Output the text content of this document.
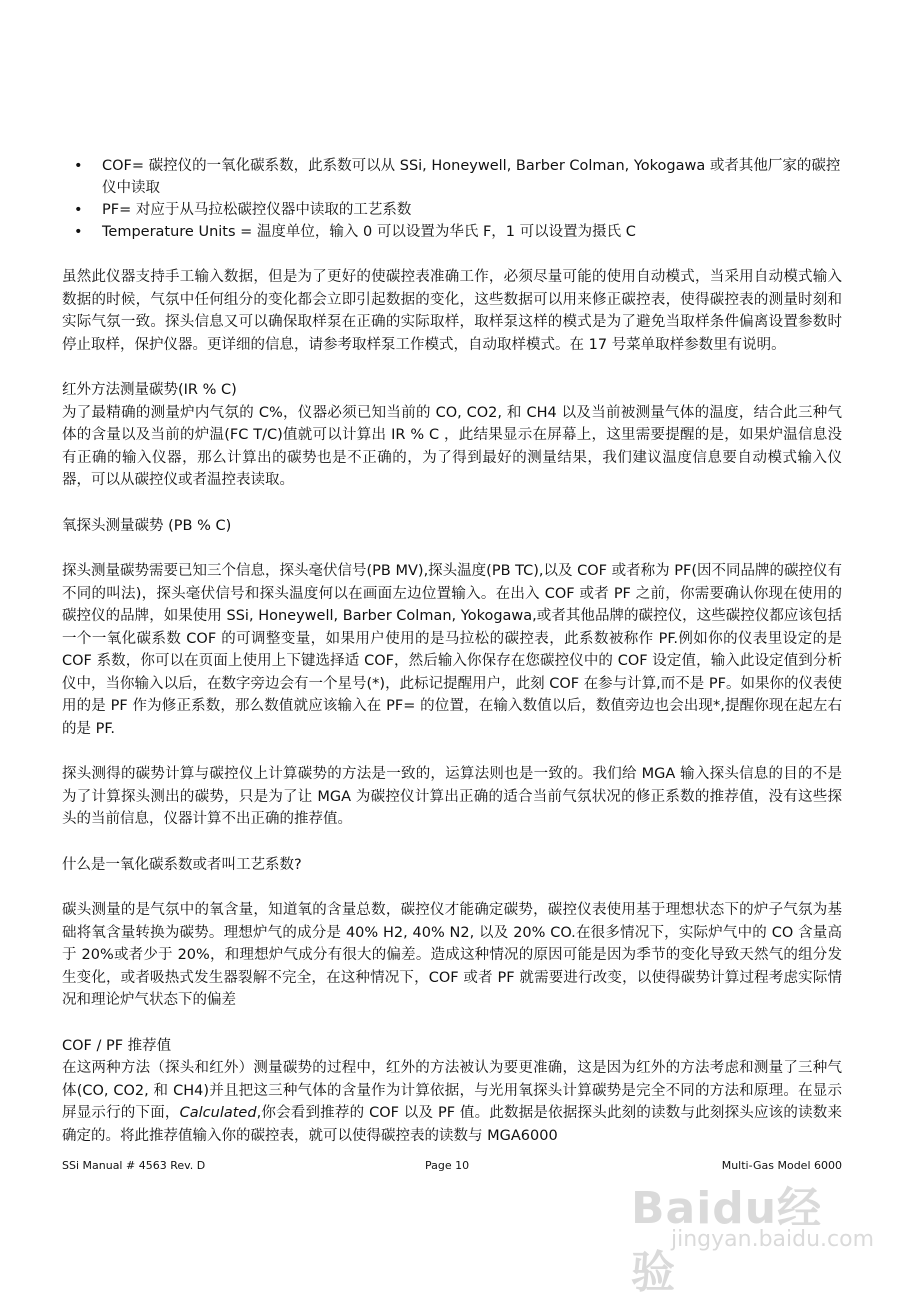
• COF= 碳控仪的一氧化碳系数，此系数可以从 SSi, Honeywell, Barber Colman, Yokogawa 或者其他厂家的碳控仪中读取
• PF= 对应于从马拉松碳控仪器中读取的工艺系数
• Temperature Units = 温度单位，输入 0 可以设置为华氏 F，1 可以设置为摄氏 C

虽然此仪器支持手工输入数据，但是为了更好的使碳控表准确工作，必须尽量可能的使用自动模式，当采用自动模式输入数据的时候，气氛中任何组分的变化都会立即引起数据的变化，这些数据可以用来修正碳控表，使得碳控表的测量时刻和实际气氛一致。探头信息又可以确保取样泵在正确的实际取样，取样泵这样的模式是为了避免当取样条件偏离设置参数时停止取样，保护仪器。更详细的信息，请参考取样泵工作模式，自动取样模式。在 17 号菜单取样参数里有说明。

红外方法测量碳势(IR % C)

为了最精确的测量炉内气氛的 C%，仪器必须已知当前的 CO, CO2, 和 CH4 以及当前被测量气体的温度，结合此三种气体的含量以及当前的炉温(FC T/C)值就可以计算出 IR % C ，此结果显示在屏幕上，这里需要提醒的是，如果炉温信息没有正确的输入仪器，那么计算出的碳势也是不正确的，为了得到最好的测量结果，我们建议温度信息要自动模式输入仪器，可以从碳控仪或者温控表读取。

氧探头测量碳势 (PB % C)

探头测量碳势需要已知三个信息，探头毫伏信号(PB MV),探头温度(PB TC),以及 COF 或者称为 PF(因不同品牌的碳控仪有不同的叫法)，探头毫伏信号和探头温度何以在画面左边位置输入。在出入 COF 或者 PF 之前，你需要确认你现在使用的碳控仪的品牌，如果使用 SSi, Honeywell, Barber Colman, Yokogawa,或者其他品牌的碳控仪，这些碳控仪都应该包括一个一氧化碳系数 COF 的可调整变量，如果用户使用的是马拉松的碳控表，此系数被称作 PF.例如你的仪表里设定的是 COF 系数，你可以在页面上使用上下键选择适 COF，然后输入你保存在您碳控仪中的 COF 设定值，输入此设定值到分析仪中，当你输入以后，在数字旁边会有一个星号(*)，此标记提醒用户，此刻 COF 在参与计算,而不是 PF。如果你的仪表使用的是 PF 作为修正系数，那么数值就应该输入在 PF= 的位置，在输入数值以后，数值旁边也会出现*,提醒你现在起左右的是 PF.

探头测得的碳势计算与碳控仪上计算碳势的方法是一致的，运算法则也是一致的。我们给 MGA 输入探头信息的目的不是为了计算探头测出的碳势，只是为了让 MGA 为碳控仪计算出正确的适合当前气氛状况的修正系数的推荐值，没有这些探头的当前信息，仪器计算不出正确的推荐值。

什么是一氧化碳系数或者叫工艺系数?

碳头测量的是气氛中的氧含量，知道氧的含量总数，碳控仪才能确定碳势，碳控仪表使用基于理想状态下的炉子气氛为基础将氧含量转换为碳势。理想炉气的成分是 40% H2, 40% N2, 以及 20% CO.在很多情况下，实际炉气中的 CO 含量高于 20%或者少于 20%，和理想炉气成分有很大的偏差。造成这种情况的原因可能是因为季节的变化导致天然气的组分发生变化，或者吸热式发生器裂解不完全，在这种情况下，COF 或者 PF 就需要进行改变，以使得碳势计算过程考虑实际情况和理论炉气状态下的偏差

COF / PF 推荐值

在这两种方法（探头和红外）测量碳势的过程中，红外的方法被认为要更准确，这是因为红外的方法考虑和测量了三种气体(CO, CO2, 和 CH4)并且把这三种气体的含量作为计算依据，与光用氧探头计算碳势是完全不同的方法和原理。在显示屏显示行的下面，Calculated,你会看到推荐的 COF 以及 PF 值。此数据是依据探头此刻的读数与此刻探头应该的读数来确定的。将此推荐值输入你的碳控表，就可以使得碳控表的读数与 MGA6000

SSi Manual # 4563 Rev. D	Page 10	Multi-Gas Model 6000
Baidu经验
jingyan.baidu.com
